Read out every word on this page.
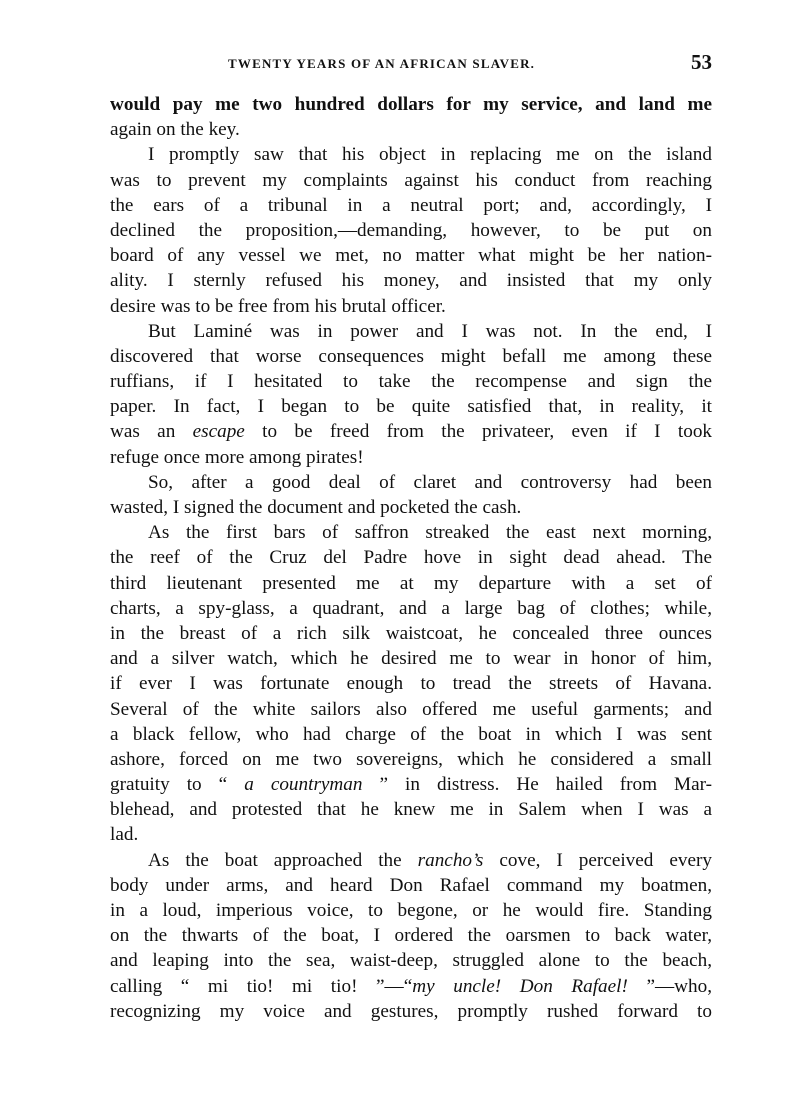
TWENTY YEARS OF AN AFRICAN SLAVER.	53
would pay me two hundred dollars for my service, and land me
again on the key.
I promptly saw that his object in replacing me on the island
was to prevent my complaints against his conduct from reaching
the ears of a tribunal in a neutral port; and, accordingly, I
declined the proposition,—demanding, however, to be put on
board of any vessel we met, no matter what might be her nation-
ality. I sternly refused his money, and insisted that my only
desire was to be free from his brutal officer.
But Laminé was in power and I was not. In the end, I
discovered that worse consequences might befall me among these
ruffians, if I hesitated to take the recompense and sign the
paper. In fact, I began to be quite satisfied that, in reality, it
was an escape to be freed from the privateer, even if I took
refuge once more among pirates!
So, after a good deal of claret and controversy had been
wasted, I signed the document and pocketed the cash.
As the first bars of saffron streaked the east next morning,
the reef of the Cruz del Padre hove in sight dead ahead. The
third lieutenant presented me at my departure with a set of
charts, a spy-glass, a quadrant, and a large bag of clothes; while,
in the breast of a rich silk waistcoat, he concealed three ounces
and a silver watch, which he desired me to wear in honor of him,
if ever I was fortunate enough to tread the streets of Havana.
Several of the white sailors also offered me useful garments; and
a black fellow, who had charge of the boat in which I was sent
ashore, forced on me two sovereigns, which he considered a small
gratuity to “ a countryman ” in distress. He hailed from Mar-
blehead, and protested that he knew me in Salem when I was a
lad.
As the boat approached the rancho’s cove, I perceived every
body under arms, and heard Don Rafael command my boatmen,
in a loud, imperious voice, to begone, or he would fire. Standing
on the thwarts of the boat, I ordered the oarsmen to back water,
and leaping into the sea, waist-deep, struggled alone to the beach,
calling “ mi tio! mi tio! ”—“my uncle! Don Rafael! ”—who,
recognizing my voice and gestures, promptly rushed forward to
